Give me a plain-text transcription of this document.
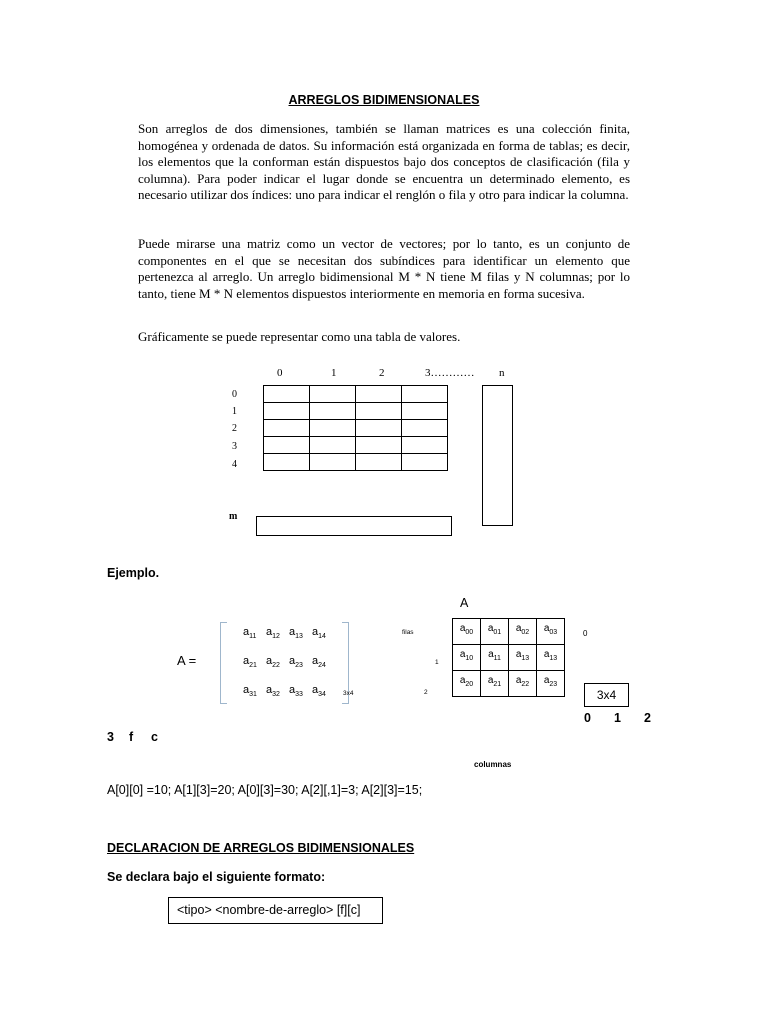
ARREGLOS BIDIMENSIONALES
Son arreglos de dos dimensiones, también se llaman matrices es una colección finita, homogénea y ordenada de datos. Su información está organizada en forma de tablas; es decir, los elementos que la conforman están dispuestos bajo dos conceptos de clasificación (fila y columna). Para poder indicar el lugar donde se encuentra un determinado elemento, es necesario utilizar dos índices: uno para indicar el renglón o fila y otro para indicar la columna.
Puede mirarse una matriz como un vector de vectores; por lo tanto, es un conjunto de componentes en el que se necesitan dos subíndices para identificar un elemento que pertenezca al arreglo. Un arreglo bidimensional M * N tiene M filas y N columnas; por lo tanto, tiene M * N elementos dispuestos interiormente en memoria en forma sucesiva.
Gráficamente se puede representar como una tabla de valores.
0	1	2	3………… n
0
1
2
3
4

m
Ejemplo.
A
A =
$a_{11}$ $a_{12}$ $a_{13}$ $a_{14}$
$a_{21}$ $a_{22}$ $a_{23}$ $a_{24}$
$a_{31}$ $a_{32}$ $a_{33}$ $a_{34}$	3x4
filas
1
2
$a_{00}$	$a_{01}$	$a_{02}$	$a_{03}$
$a_{10}$	$a_{11}$	$a_{13}$	$a_{13}$
$a_{20}$	$a_{21}$	$a_{22}$	$a_{23}$
0
3x4
0 1 2
3 f c
columnas
A[0][0] =10; A[1][3]=20; A[0][3]=30; A[2][,1]=3; A[2][3]=15;
DECLARACION DE ARREGLOS BIDIMENSIONALES
Se declara bajo el siguiente formato:
<tipo> <nombre-de-arreglo> [f][c]
